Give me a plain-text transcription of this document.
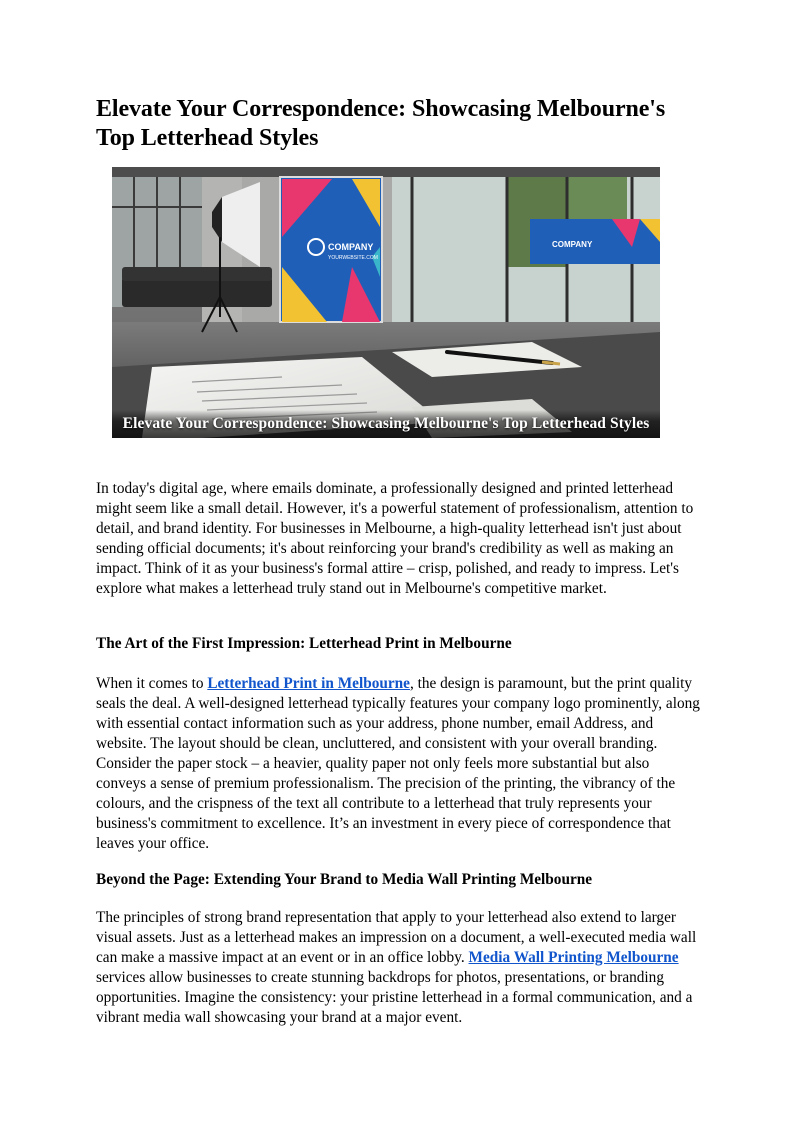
Elevate Your Correspondence: Showcasing Melbourne's Top Letterhead Styles
COMPANY
COMPANY
YOURWEBSITE.COM
Elevate Your Correspondence: Showcasing Melbourne's Top Letterhead Styles

In today's digital age, where emails dominate, a professionally designed and printed letterhead might seem like a small detail. However, it's a powerful statement of professionalism, attention to detail, and brand identity. For businesses in Melbourne, a high-quality letterhead isn't just about sending official documents; it's about reinforcing your brand's credibility as well as making an impact. Think of it as your business's formal attire – crisp, polished, and ready to impress. Let's explore what makes a letterhead truly stand out in Melbourne's competitive market.

The Art of the First Impression: Letterhead Print in Melbourne

When it comes to Letterhead Print in Melbourne, the design is paramount, but the print quality seals the deal. A well-designed letterhead typically features your company logo prominently, along with essential contact information such as your address, phone number, email Address, and website. The layout should be clean, uncluttered, and consistent with your overall branding. Consider the paper stock – a heavier, quality paper not only feels more substantial but also conveys a sense of premium professionalism. The precision of the printing, the vibrancy of the colours, and the crispness of the text all contribute to a letterhead that truly represents your business's commitment to excellence. It’s an investment in every piece of correspondence that leaves your office.

Beyond the Page: Extending Your Brand to Media Wall Printing Melbourne

The principles of strong brand representation that apply to your letterhead also extend to larger visual assets. Just as a letterhead makes an impression on a document, a well-executed media wall can make a massive impact at an event or in an office lobby. Media Wall Printing Melbourne services allow businesses to create stunning backdrops for photos, presentations, or branding opportunities. Imagine the consistency: your pristine letterhead in a formal communication, and a vibrant media wall showcasing your brand at a major event.
